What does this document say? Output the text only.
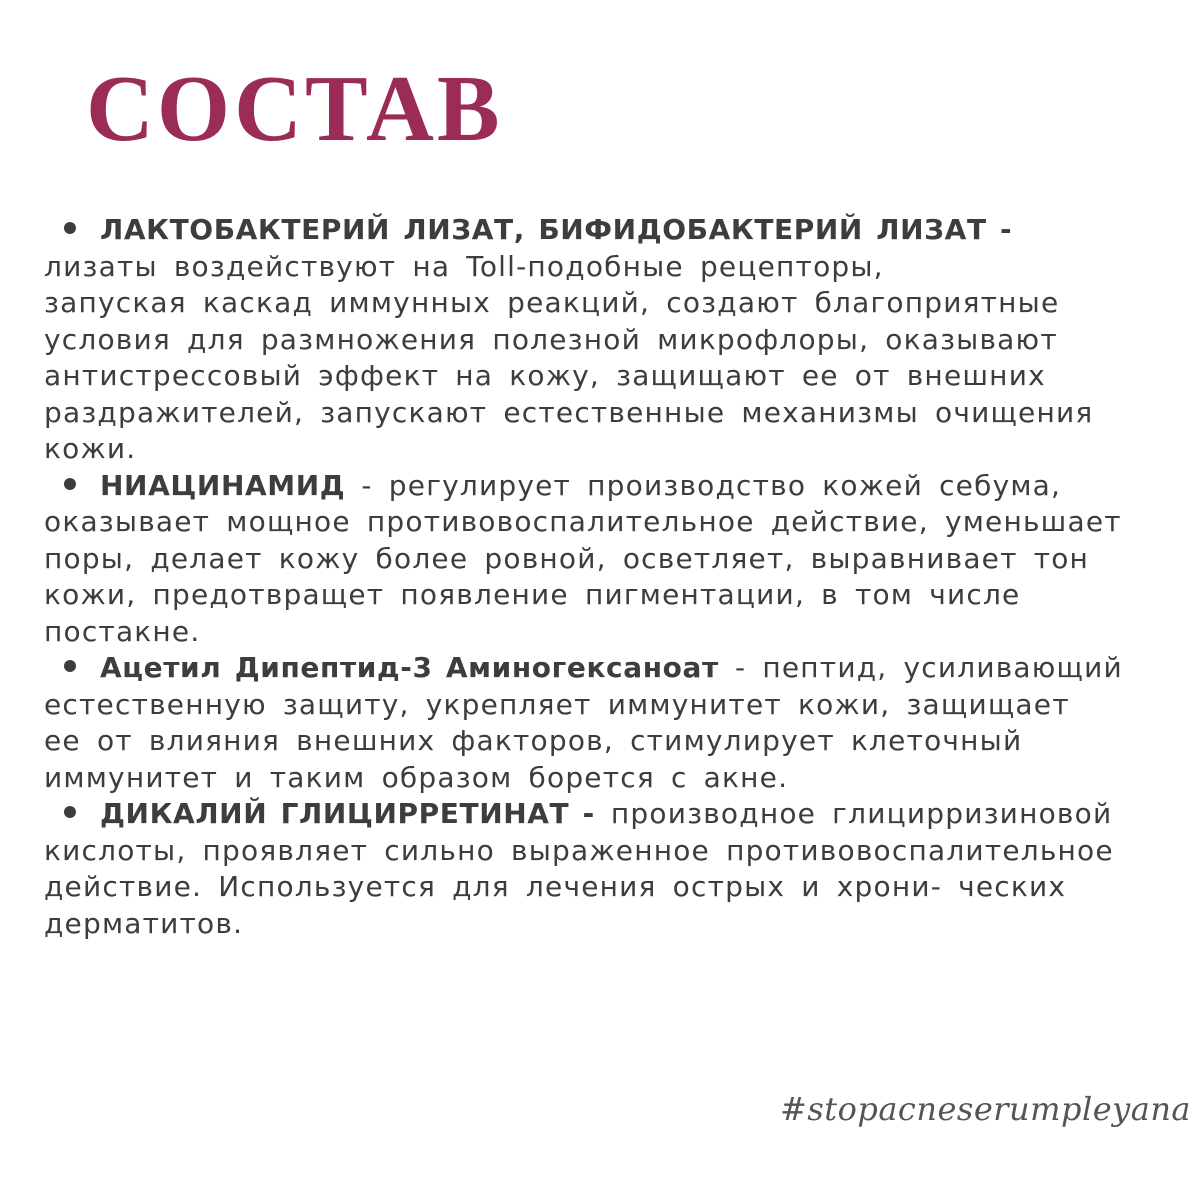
СОСТАВ
ЛАКТОБАКТЕРИЙ ЛИЗАТ, БИФИДОБАКТЕРИЙ ЛИЗАТ -
лизаты воздействуют на Toll-подобные рецепторы,
запуская каскад иммунных реакций, создают благоприятные
условия для размножения полезной микрофлоры, оказывают
антистрессовый эффект на кожу, защищают ее от внешних
раздражителей, запускают естественные механизмы очищения
кожи.
НИАЦИНАМИД - регулирует производство кожей себума,
оказывает мощное противовоспалительное действие, уменьшает
поры, делает кожу более ровной, осветляет, выравнивает тон
кожи, предотвращет появление пигментации, в том числе
постакне.
Ацетил Дипептид-3 Аминогексаноат - пептид, усиливающий
естественную защиту, укрепляет иммунитет кожи, защищает
ее от влияния внешних факторов, стимулирует клеточный
иммунитет и таким образом борется с акне.
ДИКАЛИЙ ГЛИЦИРРЕТИНАТ - производное глицирризиновой
кислоты, проявляет сильно выраженное противовоспалительное
действие. Используется для лечения острых и хрони- ческих
дерматитов.

#stopacneserumpleyana
